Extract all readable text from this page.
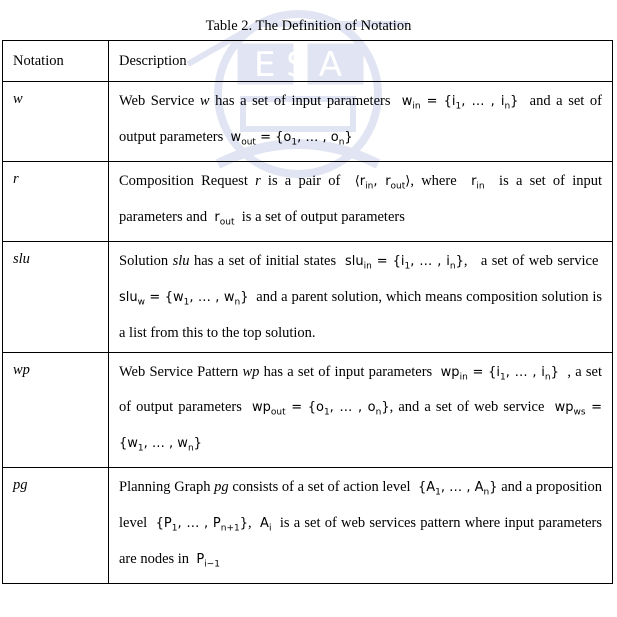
E S A
Table 2. The Definition of Notation
Notation	Description
w	Web Service w has a set of input parameters  $w_{in} = \{i_1$, … , $i_n$}  and a set of output parameters  $w_{out} = \{o_1$, … , $o_n$}
r	Composition Request r is a pair of  $⟨r_{in}$, $r_{out}⟩$, where  $r_{in}$  is a set of input parameters and  $r_{out}$  is a set of output parameters
slu	Solution slu has a set of initial states  $slu_{in} = \{i_1$, … , $i_n$},   a set of web service  $slu_w = \{w_1$, … , $w_n$}  and a parent solution, which means composition solution is a list from this to the top solution.
wp	Web Service Pattern wp has a set of input parameters  $wp_{in} = \{i_1$, … , $i_n$}  , a set of output parameters  $wp_{out} = \{o_1$, … , $o_n$}, and a set of web service  $wp_{ws} = \{w_1$, … , $w_n$}
pg	Planning Graph pg consists of a set of action level  {$A_1$, … , $A_n$} and a proposition level  {$P_1$, … , $P_{n+1}$},  $A_i$  is a set of web services pattern where input parameters are nodes in  $P_{i-1}$
